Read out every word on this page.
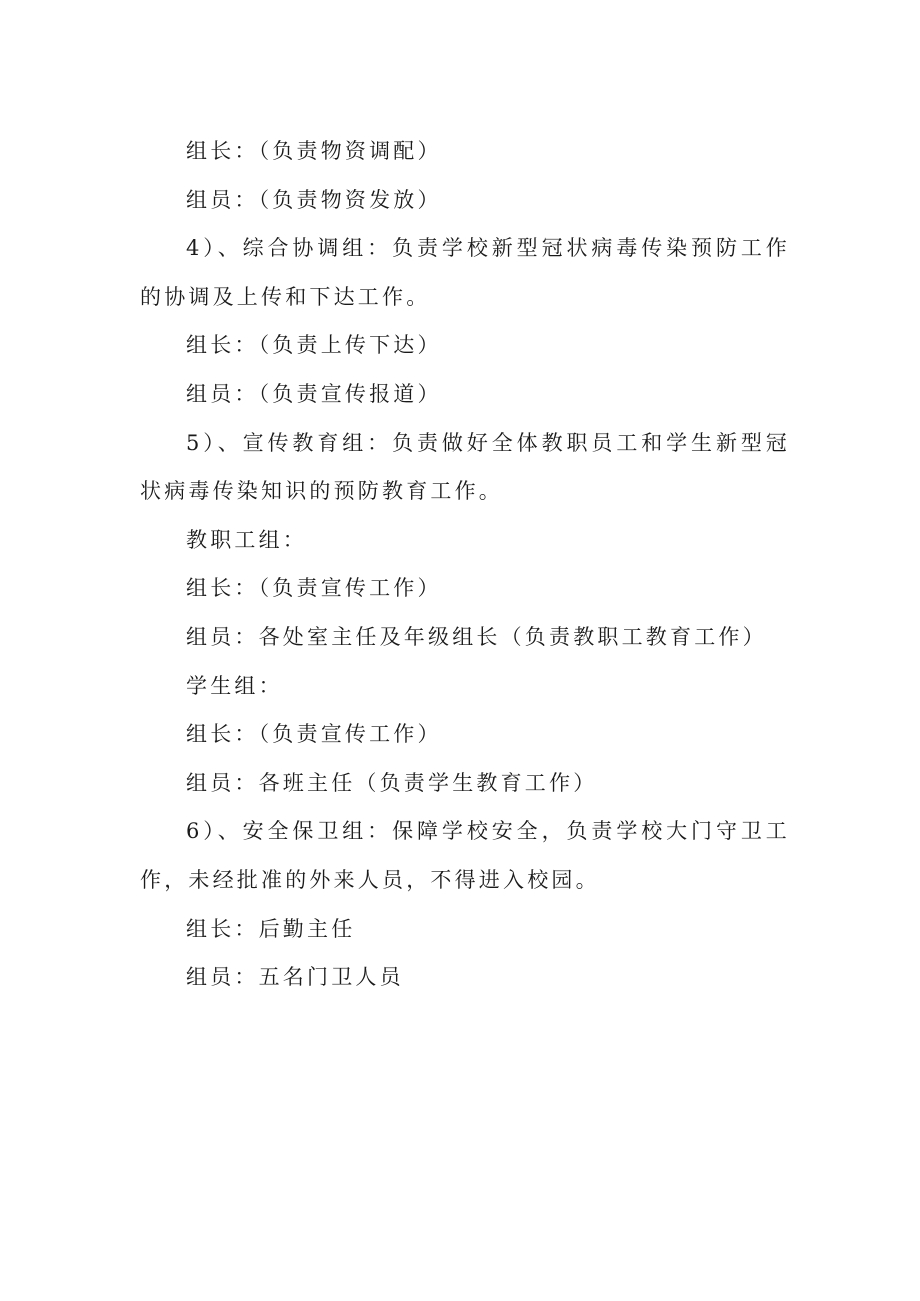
组长：（负责物资调配）

组员：（负责物资发放）

4）、综合协调组：负责学校新型冠状病毒传染预防工作的协调及上传和下达工作。

组长：（负责上传下达）

组员：（负责宣传报道）

5）、宣传教育组：负责做好全体教职员工和学生新型冠状病毒传染知识的预防教育工作。

教职工组：

组长：（负责宣传工作）

组员：各处室主任及年级组长（负责教职工教育工作）

学生组：

组长：（负责宣传工作）

组员：各班主任（负责学生教育工作）

6）、安全保卫组：保障学校安全，负责学校大门守卫工作，未经批准的外来人员，不得进入校园。

组长：后勤主任

组员：五名门卫人员
